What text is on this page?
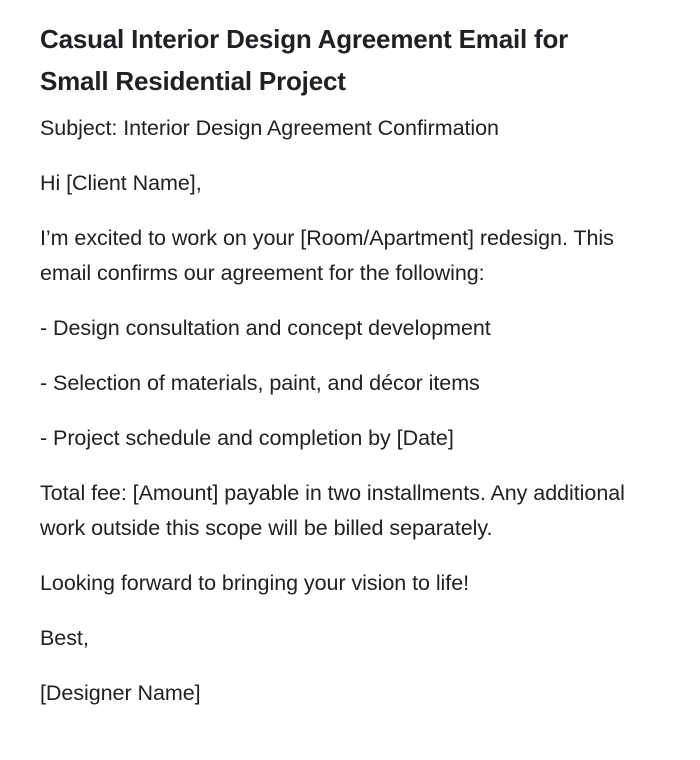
Casual Interior Design Agreement Email for Small Residential Project

Subject: Interior Design Agreement Confirmation

Hi [Client Name],

I’m excited to work on your [Room/Apartment] redesign. This email confirms our agreement for the following:

- Design consultation and concept development

- Selection of materials, paint, and décor items

- Project schedule and completion by [Date]

Total fee: [Amount] payable in two installments. Any additional work outside this scope will be billed separately.

Looking forward to bringing your vision to life!

Best,

[Designer Name]
